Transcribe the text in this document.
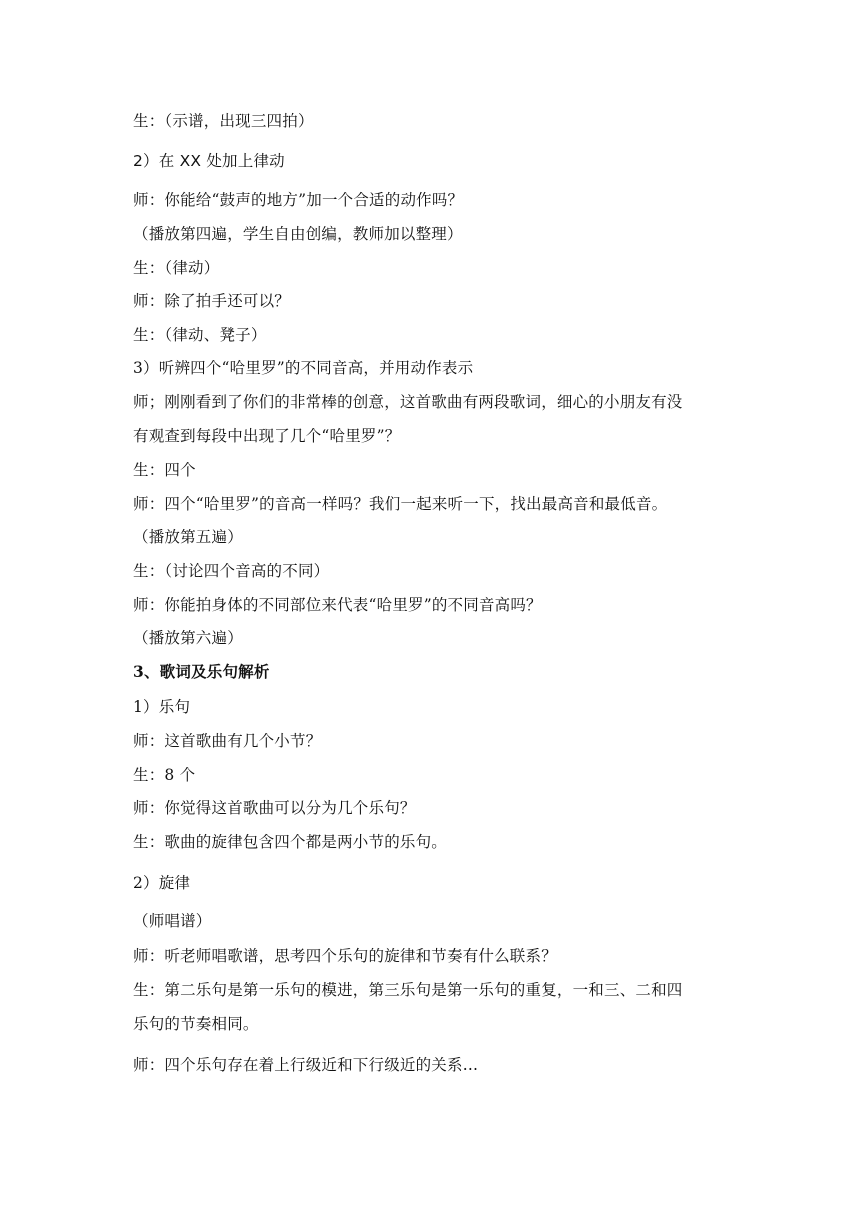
生：（示谱，出现三四拍）
2）在 XX 处加上律动
师：你能给“鼓声的地方”加一个合适的动作吗？
（播放第四遍，学生自由创编，教师加以整理）
生：（律动）
师：除了拍手还可以？
生：（律动、凳子）
3）听辨四个“哈里罗”的不同音高，并用动作表示
师；刚刚看到了你们的非常棒的创意，这首歌曲有两段歌词，细心的小朋友有没
有观查到每段中出现了几个“哈里罗”？
生：四个
师：四个“哈里罗”的音高一样吗？我们一起来听一下，找出最高音和最低音。
（播放第五遍）
生：（讨论四个音高的不同）
师：你能拍身体的不同部位来代表“哈里罗”的不同音高吗？
（播放第六遍）
3、歌词及乐句解析
1）乐句
师：这首歌曲有几个小节？
生：8 个
师：你觉得这首歌曲可以分为几个乐句？
生：歌曲的旋律包含四个都是两小节的乐句。
2）旋律
（师唱谱）
师：听老师唱歌谱，思考四个乐句的旋律和节奏有什么联系？
生：第二乐句是第一乐句的模进，第三乐句是第一乐句的重复，一和三、二和四
乐句的节奏相同。
师：四个乐句存在着上行级近和下行级近的关系...
